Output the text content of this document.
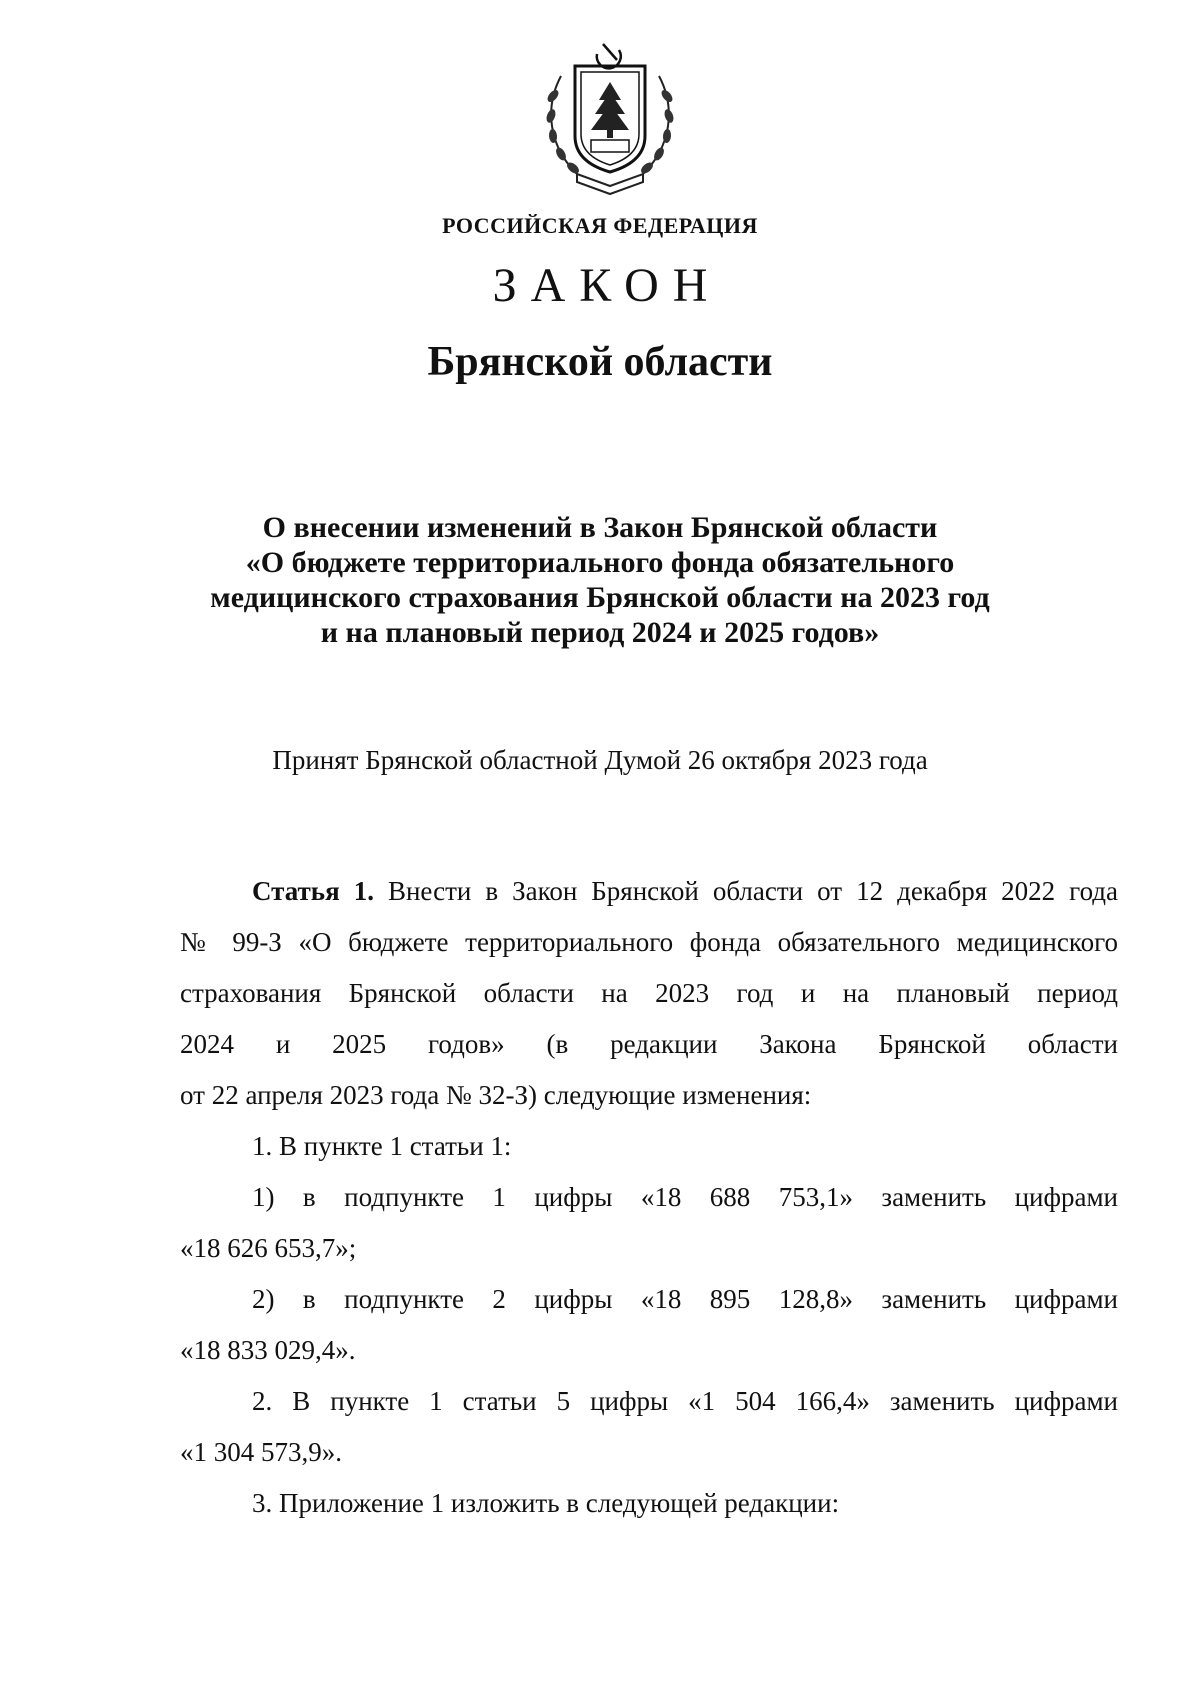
РОССИЙСКАЯ ФЕДЕРАЦИЯ
ЗАКОН
Брянской области
О внесении изменений в Закон Брянской области
«О бюджете территориального фонда обязательного
медицинского страхования Брянской области на 2023 год
и на плановый период 2024 и 2025 годов»
Принят Брянской областной Думой 26 октября 2023 года
Статья 1. Внести в Закон Брянской области от 12 декабря 2022 года
№ 99-З «О бюджете территориального фонда обязательного медицинского
страхования Брянской области на 2023 год и на плановый период
2024 и 2025 годов» (в редакции Закона Брянской области
от 22 апреля 2023 года № 32-З) следующие изменения:
1. В пункте 1 статьи 1:
1) в подпункте 1 цифры «18 688 753,1» заменить цифрами
«18 626 653,7»;
2) в подпункте 2 цифры «18 895 128,8» заменить цифрами
«18 833 029,4».
2. В пункте 1 статьи 5 цифры «1 504 166,4» заменить цифрами
«1 304 573,9».
3. Приложение 1 изложить в следующей редакции:
